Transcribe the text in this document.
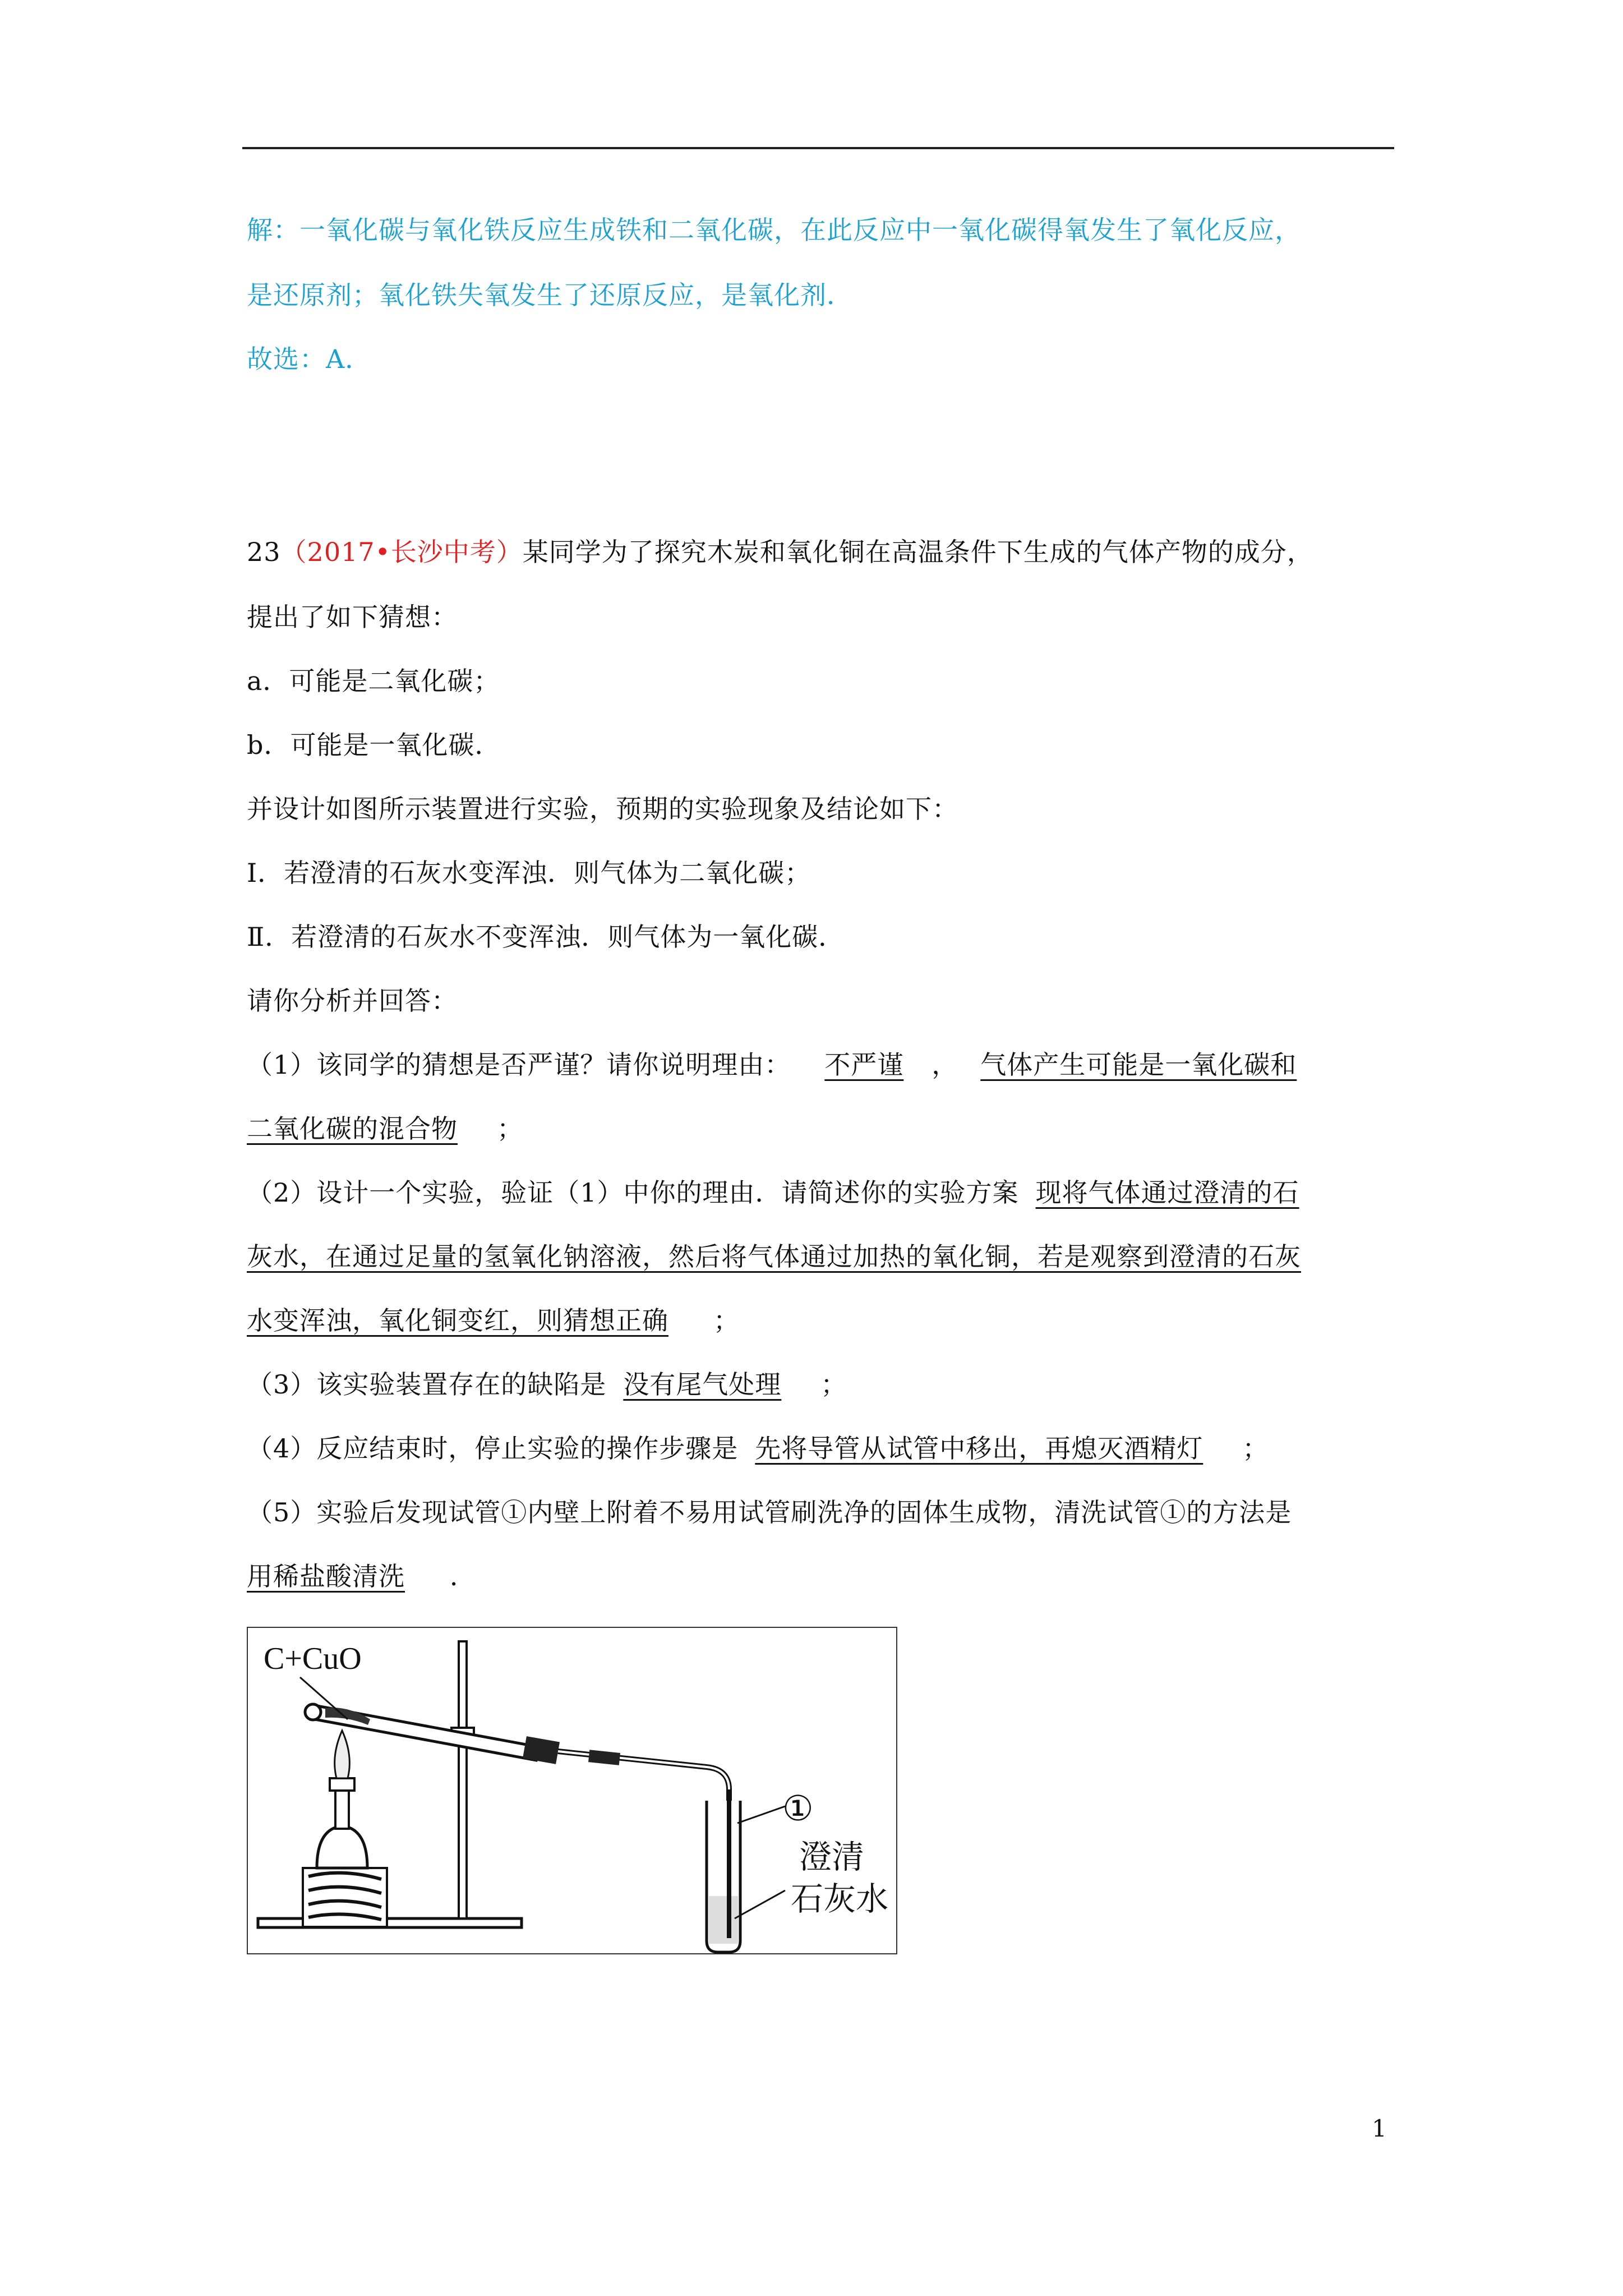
解：一氧化碳与氧化铁反应生成铁和二氧化碳，在此反应中一氧化碳得氧发生了氧化反应，
是还原剂；氧化铁失氧发生了还原反应，是氧化剂．
故选：A．
23（2017•长沙中考）某同学为了探究木炭和氧化铜在高温条件下生成的气体产物的成分，
提出了如下猜想：
a．可能是二氧化碳；
b．可能是一氧化碳．
并设计如图所示装置进行实验，预期的实验现象及结论如下：
Ⅰ．若澄清的石灰水变浑浊．则气体为二氧化碳；
Ⅱ．若澄清的石灰水不变浑浊．则气体为一氧化碳．
请你分析并回答：
（1）该同学的猜想是否严谨？请你说明理由： 不严谨 ， 气体产生可能是一氧化碳和
二氧化碳的混合物 ；
（2）设计一个实验，验证（1）中你的理由．请简述你的实验方案 现将气体通过澄清的石
灰水，在通过足量的氢氧化钠溶液，然后将气体通过加热的氧化铜，若是观察到澄清的石灰
水变浑浊，氧化铜变红，则猜想正确 ；
（3）该实验装置存在的缺陷是 没有尾气处理 ；
（4）反应结束时，停止实验的操作步骤是 先将导管从试管中移出，再熄灭酒精灯 ；
（5）实验后发现试管①内壁上附着不易用试管刷洗净的固体生成物，清洗试管①的方法是
用稀盐酸清洗 ．
C+CuO
①
澄清
石灰水
1
